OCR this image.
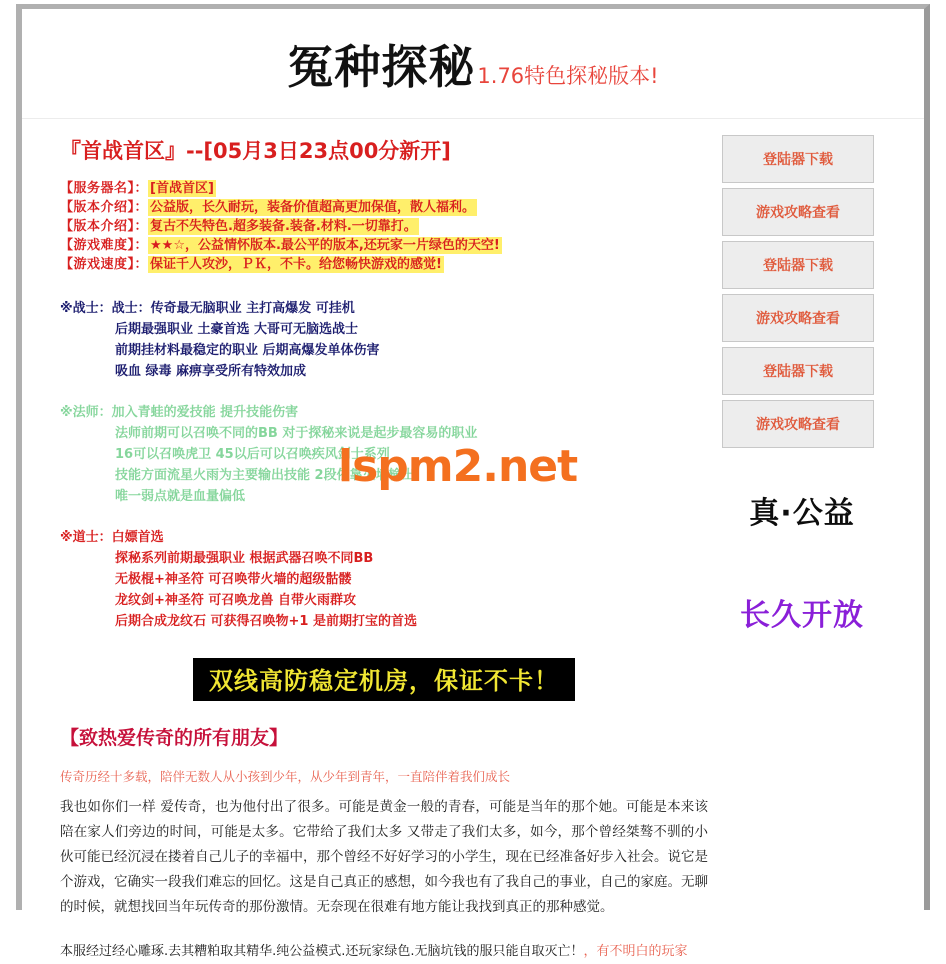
冤种探秘1.76特色探秘版本!
『首战首区』--[05月3日23点00分新开]
【服务器名】： [首战首区]
【版本介绍】： 公益版，长久耐玩，装备价值超高更加保值，散人福利。
【版本介绍】： 复古不失特色.超多装备.装备.材料.一切靠打。
【游戏难度】： ★★☆，公益情怀版本.最公平的版本,还玩家一片绿色的天空!
【游戏速度】： 保证千人攻沙，ＰＫ，不卡。给您畅快游戏的感觉!
※战士：战士：传奇最无脑职业 主打高爆发 可挂机
后期最强职业 土豪首选 大哥可无脑选战士
前期挂材料最稳定的职业 后期高爆发单体伤害
吸血 绿毒 麻痹享受所有特效加成
※法师：加入青蛙的爱技能 提升技能伤害
法师前期可以召唤不同的BB 对于探秘来说是起步最容易的职业
16可以召唤虎卫 45以后可以召唤疾风剑士系列
技能方面流星火雨为主要输出技能 2段依靠火墙输出
唯一弱点就是血量偏低
※道士：白嫖首选
探秘系列前期最强职业 根据武器召唤不同BB
无极棍+神圣符 可召唤带火墙的超级骷髅
龙纹剑+神圣符 可召唤龙兽 自带火雨群攻
后期合成龙纹石 可获得召唤物+1 是前期打宝的首选
双线高防稳定机房，保证不卡！
【致热爱传奇的所有朋友】
传奇历经十多载，陪伴无数人从小孩到少年，从少年到青年，一直陪伴着我们成长
我也如你们一样 爱传奇，也为他付出了很多。可能是黄金一般的青春，可能是当年的那个她。可能是本来该陪在家人们旁边的时间，可能是太多。它带给了我们太多 又带走了我们太多，如今，那个曾经桀骜不驯的小伙可能已经沉浸在搂着自己儿子的幸福中，那个曾经不好好学习的小学生，现在已经准备好步入社会。说它是个游戏，它确实一段我们难忘的回忆。这是自己真正的感想，如今我也有了我自己的事业，自己的家庭。无聊的时候，就想找回当年玩传奇的那份激情。无奈现在很难有地方能让我找到真正的那种感觉。
本服经过经心雕琢.去其糟粕取其精华.纯公益模式.还玩家绿色.无脑坑钱的服只能自取灭亡！，有不明白的玩家
登陆器下载
游戏攻略查看
登陆器下载
游戏攻略查看
登陆器下载
游戏攻略查看
真·公益
长久开放
lspm2.net
